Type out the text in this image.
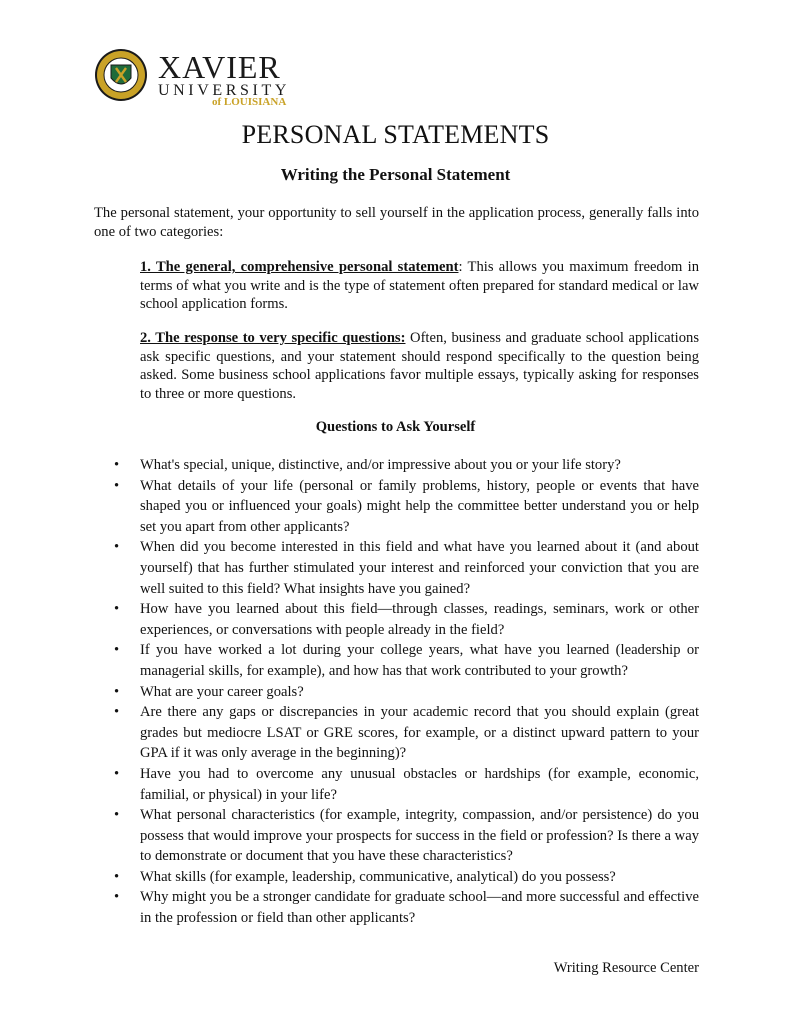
XAVIER
UNIVERSITY
of LOUISIANA
PERSONAL STATEMENTS
Writing the Personal Statement

The personal statement, your opportunity to sell yourself in the application process, generally falls into one of two categories:

1. The general, comprehensive personal statement: This allows you maximum freedom in terms of what you write and is the type of statement often prepared for standard medical or law school application forms.

2. The response to very specific questions: Often, business and graduate school applications ask specific questions, and your statement should respond specifically to the question being asked. Some business school applications favor multiple essays, typically asking for responses to three or more questions.

Questions to Ask Yourself
• What's special, unique, distinctive, and/or impressive about you or your life story?
• What details of your life (personal or family problems, history, people or events that have shaped you or influenced your goals) might help the committee better understand you or help set you apart from other applicants?
• When did you become interested in this field and what have you learned about it (and about yourself) that has further stimulated your interest and reinforced your conviction that you are well suited to this field? What insights have you gained?
• How have you learned about this field—through classes, readings, seminars, work or other experiences, or conversations with people already in the field?
• If you have worked a lot during your college years, what have you learned (leadership or managerial skills, for example), and how has that work contributed to your growth?
• What are your career goals?
• Are there any gaps or discrepancies in your academic record that you should explain (great grades but mediocre LSAT or GRE scores, for example, or a distinct upward pattern to your GPA if it was only average in the beginning)?
• Have you had to overcome any unusual obstacles or hardships (for example, economic, familial, or physical) in your life?
• What personal characteristics (for example, integrity, compassion, and/or persistence) do you possess that would improve your prospects for success in the field or profession? Is there a way to demonstrate or document that you have these characteristics?
• What skills (for example, leadership, communicative, analytical) do you possess?
• Why might you be a stronger candidate for graduate school—and more successful and effective in the profession or field than other applicants?
Writing Resource Center
